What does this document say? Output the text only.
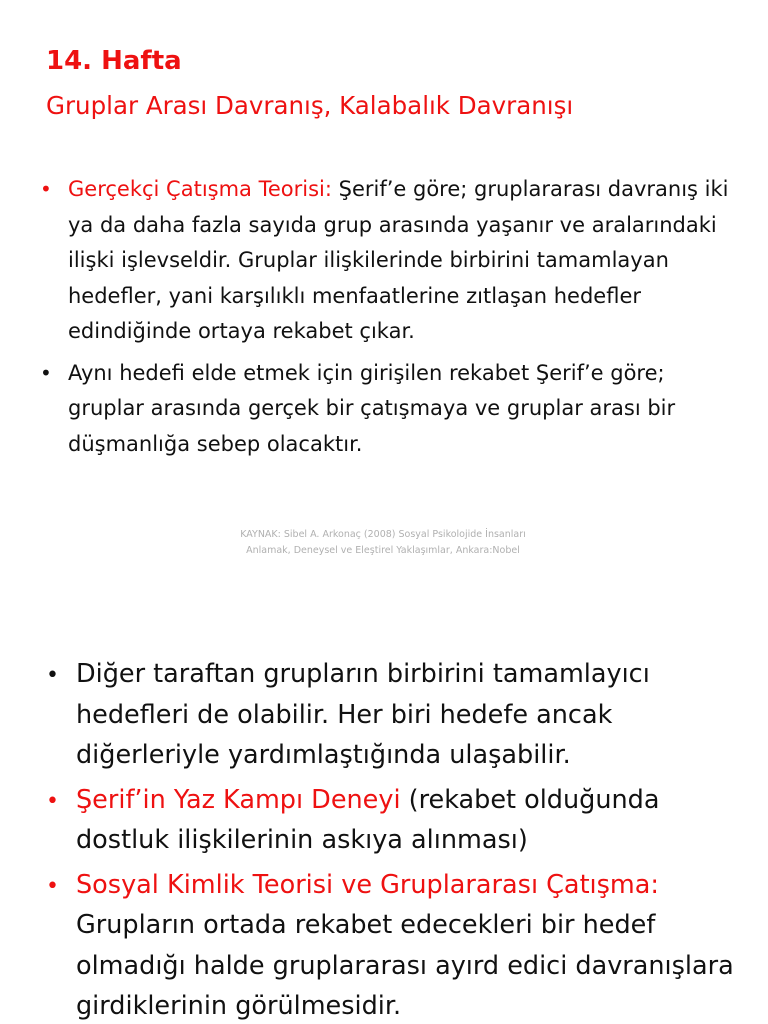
14. Hafta
Gruplar Arası Davranış, Kalabalık Davranışı
• Gerçekçi Çatışma Teorisi: Şerif’e göre; gruplararası davranış iki ya da daha fazla sayıda grup arasında yaşanır ve aralarındaki ilişki işlevseldir. Gruplar ilişkilerinde birbirini tamamlayan hedefler, yani karşılıklı menfaatlerine zıtlaşan hedefler edindiğinde ortaya rekabet çıkar.
• Aynı hedefi elde etmek için girişilen rekabet Şerif’e göre; gruplar arasında gerçek bir çatışmaya ve gruplar arası bir düşmanlığa sebep olacaktır.
KAYNAK: Sibel A. Arkonaç (2008) Sosyal Psikolojide İnsanları Anlamak, Deneysel ve Eleştirel Yaklaşımlar, Ankara:Nobel
• Diğer taraftan grupların birbirini tamamlayıcı hedefleri de olabilir. Her biri hedefe ancak diğerleriyle yardımlaştığında ulaşabilir.
• Şerif’in Yaz Kampı Deneyi (rekabet olduğunda dostluk ilişkilerinin askıya alınması)
• Sosyal Kimlik Teorisi ve Gruplararası Çatışma: Grupların ortada rekabet edecekleri bir hedef olmadığı halde gruplararası ayırd edici davranışlara girdiklerinin görülmesidir.
